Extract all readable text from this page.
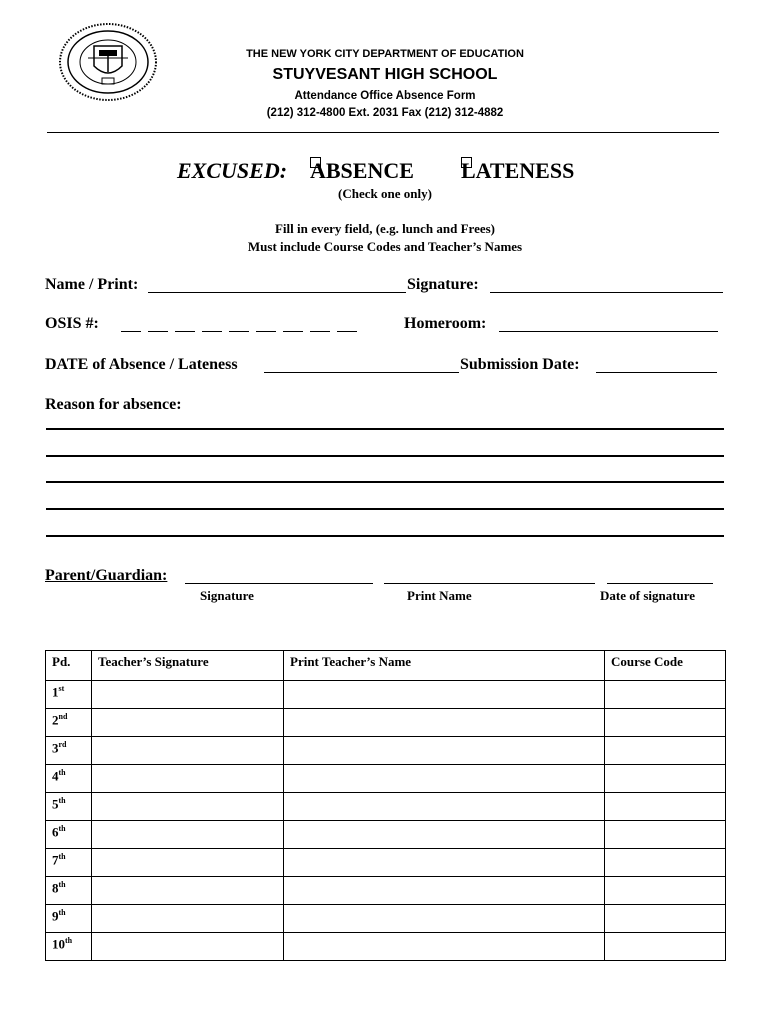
THE NEW YORK CITY DEPARTMENT OF EDUCATION
STUYVESANT HIGH SCHOOL
Attendance Office Absence Form
(212) 312-4800 Ext. 2031 Fax (212) 312-4882
EXCUSED: ABSENCE LATENESS
(Check one only)
Fill in every field, (e.g. lunch and Frees)
Must include Course Codes and Teacher’s Names
Name / Print:	Signature:
OSIS #:	Homeroom:
DATE of Absence / Lateness	Submission Date:
Reason for absence:
Parent/Guardian:
Signature	Print Name	Date of signature
Pd.	Teacher’s Signature	Print Teacher’s Name	Course Code
1st			
2nd			
3rd			
4th			
5th			
6th			
7th			
8th			
9th			
10th			
